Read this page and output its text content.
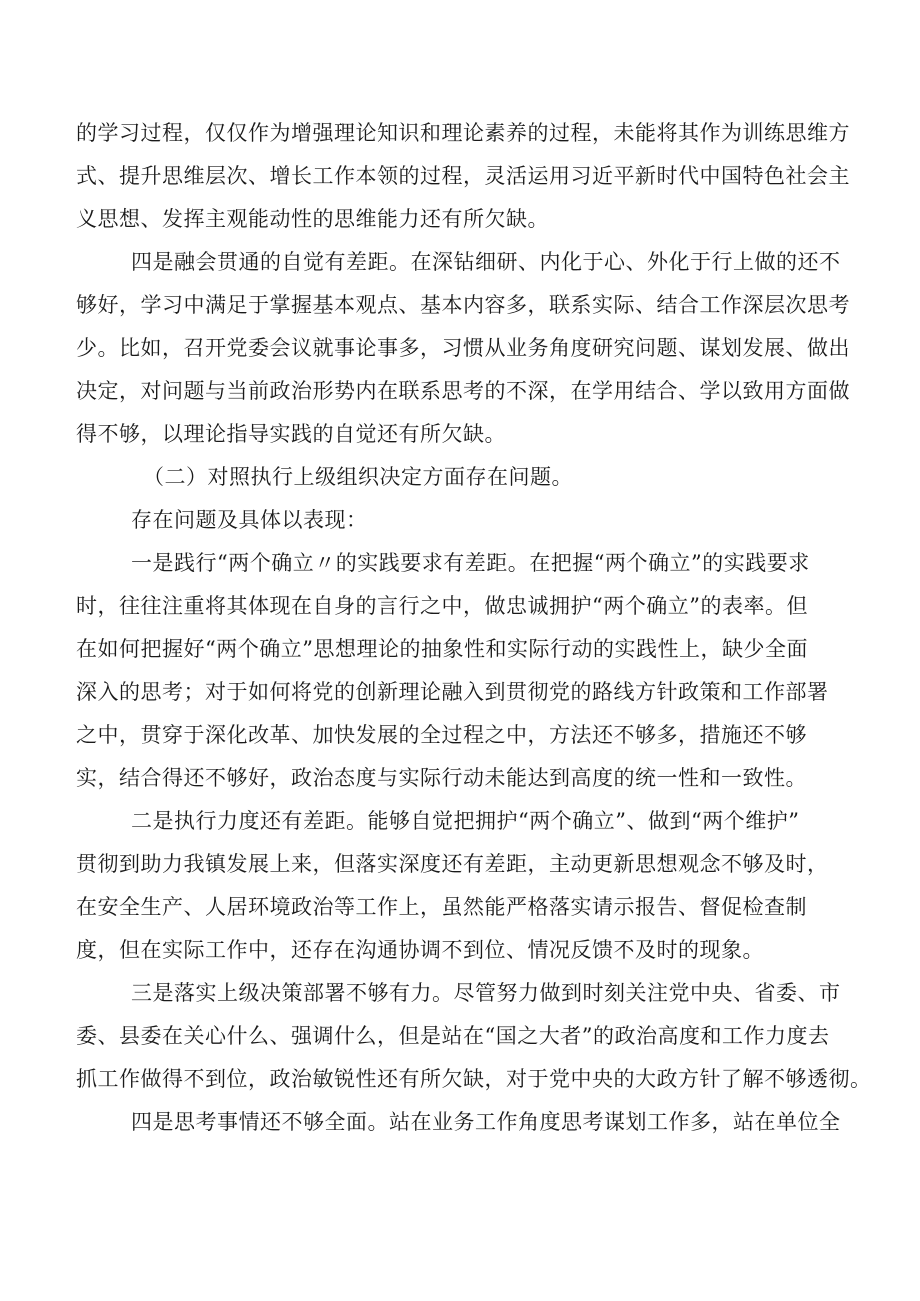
的学习过程，仅仅作为增强理论知识和理论素养的过程，未能将其作为训练思维方
式、提升思维层次、增长工作本领的过程，灵活运用习近平新时代中国特色社会主
义思想、发挥主观能动性的思维能力还有所欠缺。
四是融会贯通的自觉有差距。在深钻细研、内化于心、外化于行上做的还不
够好，学习中满足于掌握基本观点、基本内容多，联系实际、结合工作深层次思考
少。比如，召开党委会议就事论事多，习惯从业务角度研究问题、谋划发展、做出
决定，对问题与当前政治形势内在联系思考的不深，在学用结合、学以致用方面做
得不够，以理论指导实践的自觉还有所欠缺。
（二）对照执行上级组织决定方面存在问题。
存在问题及具体以表现：
一是践行“两个确立〃的实践要求有差距。在把握“两个确立”的实践要求
时，往往注重将其体现在自身的言行之中，做忠诚拥护“两个确立”的表率。但
在如何把握好“两个确立”思想理论的抽象性和实际行动的实践性上，缺少全面
深入的思考；对于如何将党的创新理论融入到贯彻党的路线方针政策和工作部署
之中，贯穿于深化改革、加快发展的全过程之中，方法还不够多，措施还不够
实，结合得还不够好，政治态度与实际行动未能达到高度的统一性和一致性。
二是执行力度还有差距。能够自觉把拥护“两个确立”、做到“两个维护”
贯彻到助力我镇发展上来，但落实深度还有差距，主动更新思想观念不够及时，
在安全生产、人居环境政治等工作上，虽然能严格落实请示报告、督促检查制
度，但在实际工作中，还存在沟通协调不到位、情况反馈不及时的现象。
三是落实上级决策部署不够有力。尽管努力做到时刻关注党中央、省委、市
委、县委在关心什么、强调什么，但是站在“国之大者”的政治高度和工作力度去
抓工作做得不到位，政治敏锐性还有所欠缺，对于党中央的大政方针了解不够透彻。
四是思考事情还不够全面。站在业务工作角度思考谋划工作多，站在单位全
